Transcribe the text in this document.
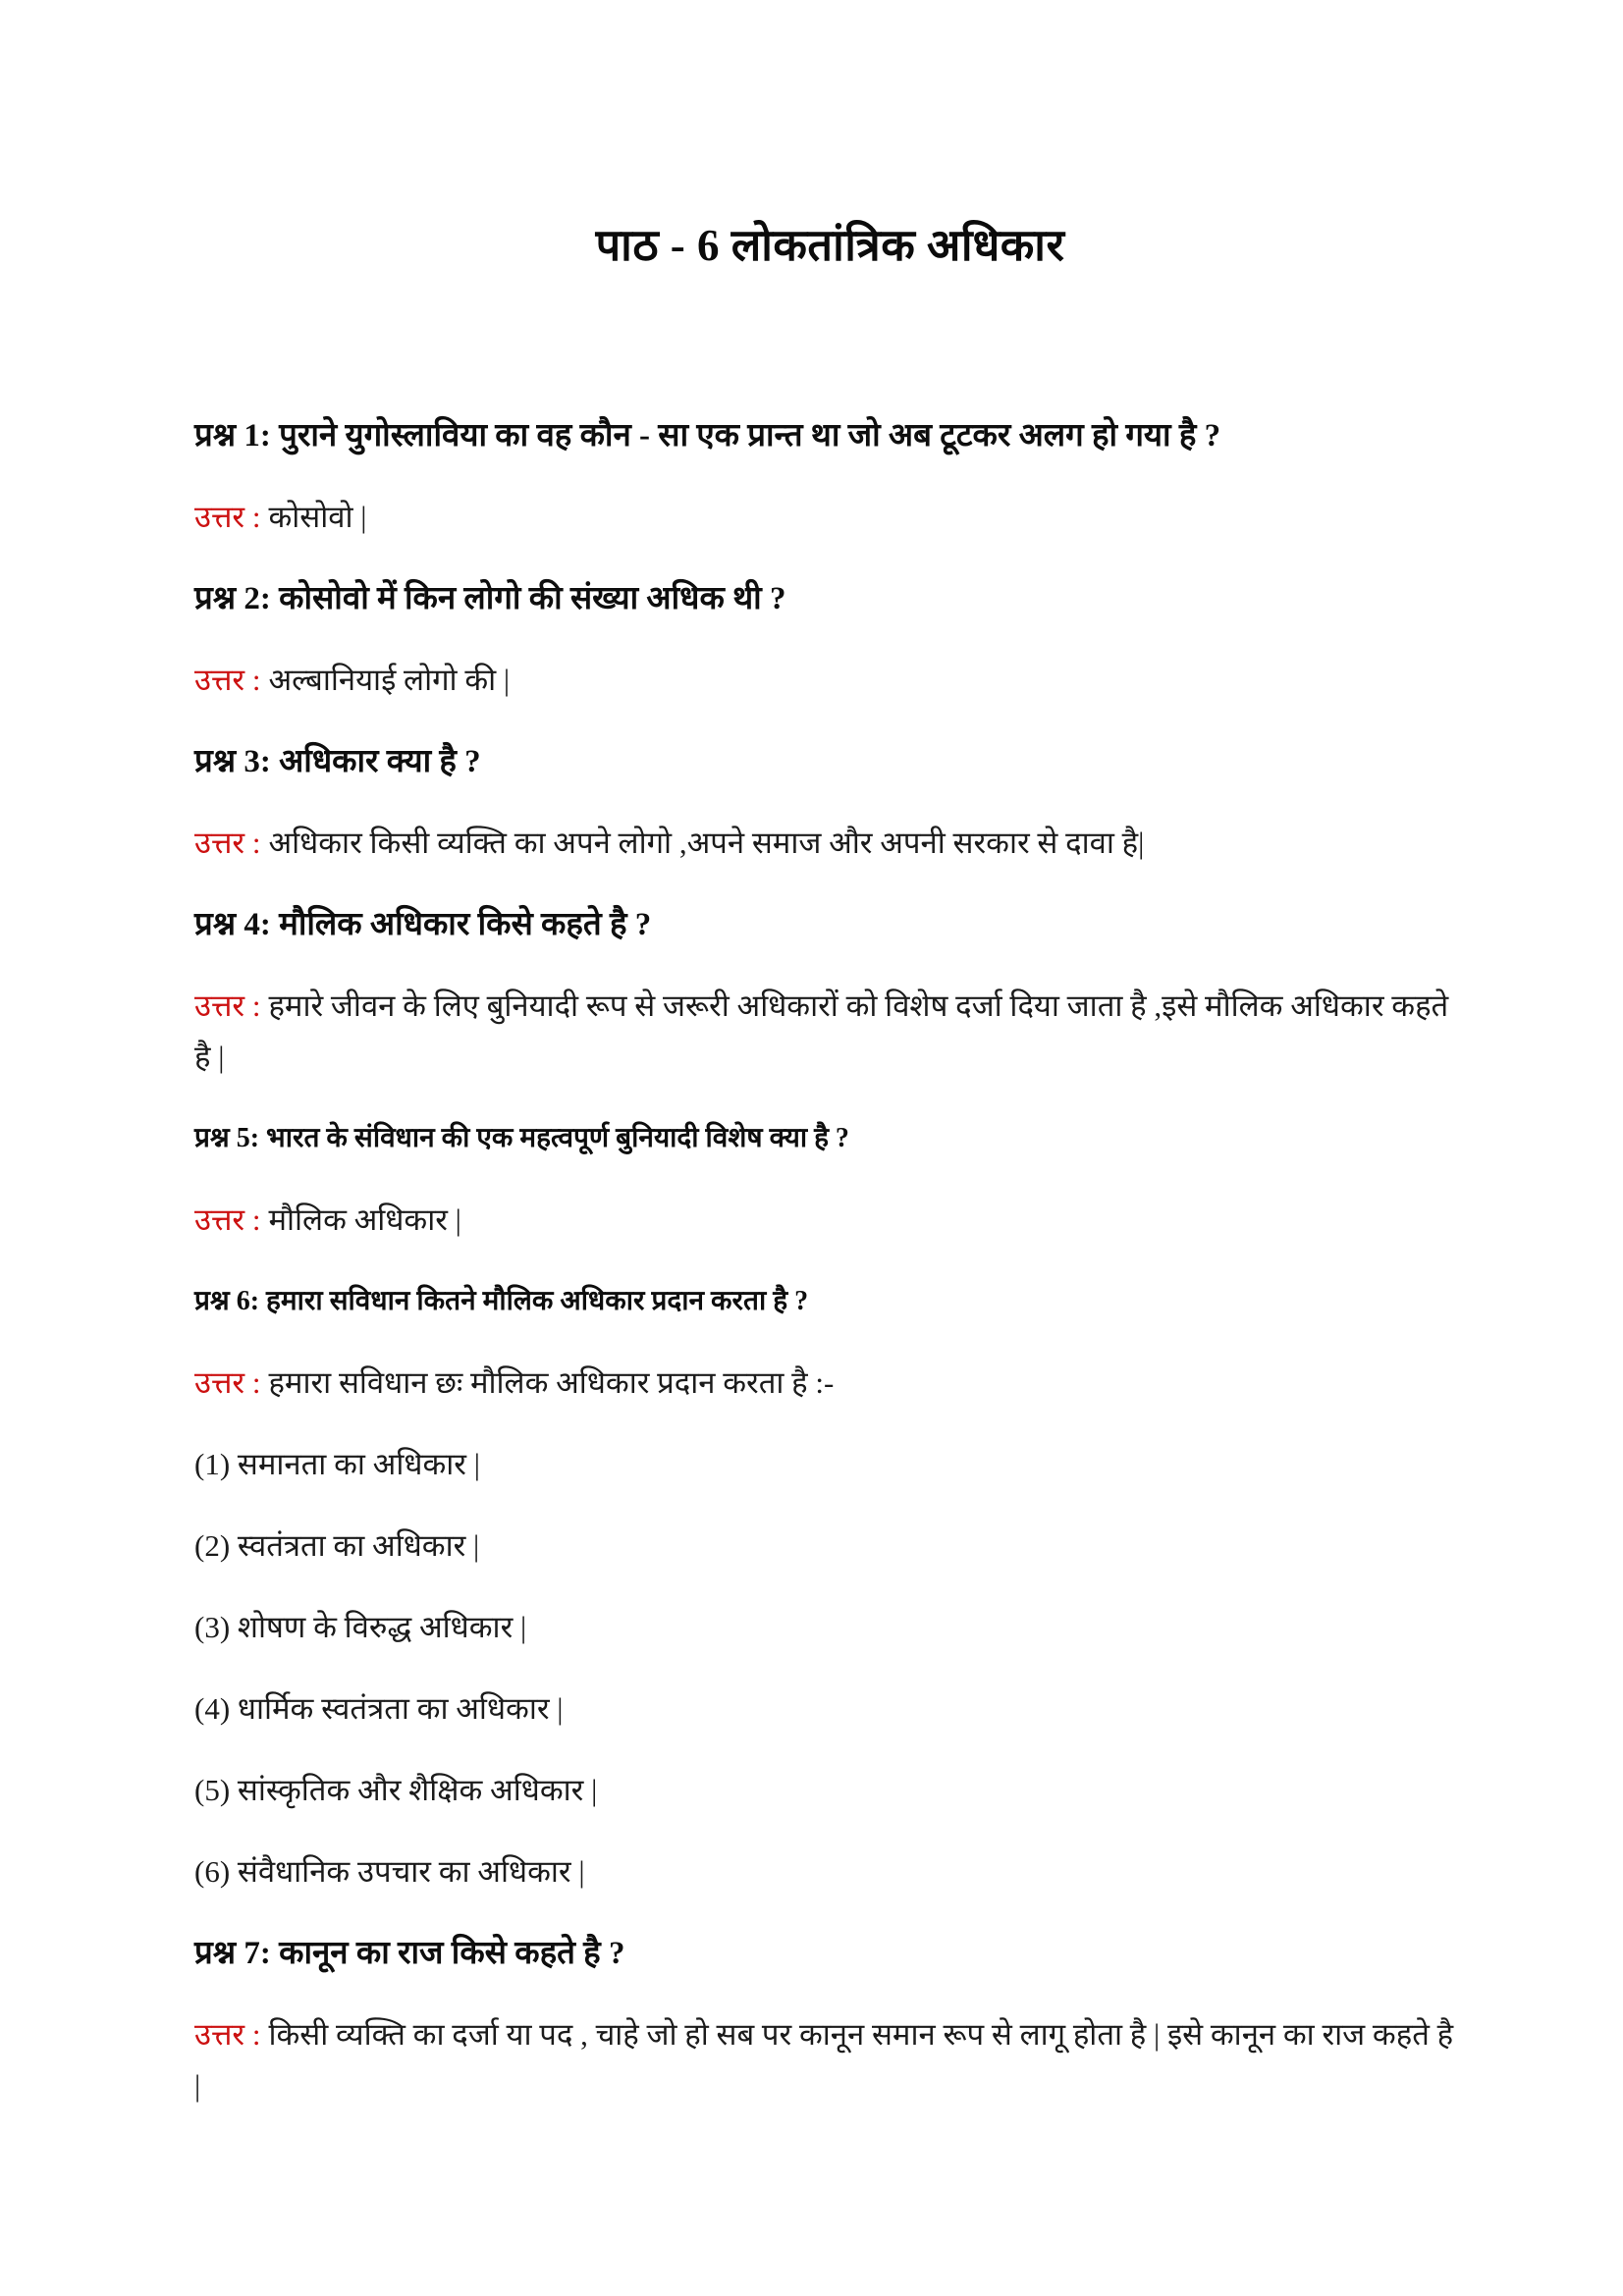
पाठ - 6 लोकतांत्रिक अधिकार

प्रश्न 1: पुराने युगोस्लाविया का वह कौन - सा एक प्रान्त था जो अब टूटकर अलग हो गया है ?

उत्तर : कोसोवो |

प्रश्न 2: कोसोवो में किन लोगो की संख्या अधिक थी ?

उत्तर : अल्बानियाई लोगो की |

प्रश्न 3: अधिकार क्या है ?

उत्तर : अधिकार किसी व्यक्ति का अपने लोगो ,अपने समाज और अपनी सरकार से दावा है|

प्रश्न 4: मौलिक अधिकार किसे कहते है ?

उत्तर : हमारे जीवन के लिए बुनियादी रूप से जरूरी अधिकारों को विशेष दर्जा दिया जाता है ,इसे मौलिक अधिकार कहते है |

प्रश्न 5: भारत के संविधान की एक महत्वपूर्ण बुनियादी विशेष क्या है ?

उत्तर : मौलिक अधिकार |

प्रश्न 6: हमारा सविधान कितने मौलिक अधिकार प्रदान करता है ?

उत्तर : हमारा सविधान छः मौलिक अधिकार प्रदान करता है :-

(1) समानता का अधिकार |

(2) स्वतंत्रता का अधिकार |

(3) शोषण के विरुद्ध अधिकार |

(4) धार्मिक स्वतंत्रता का अधिकार |

(5) सांस्कृतिक और शैक्षिक अधिकार |

(6) संवैधानिक उपचार का अधिकार |

प्रश्न 7: कानून का राज किसे कहते है ?

उत्तर : किसी व्यक्ति का दर्जा या पद , चाहे जो हो सब पर कानून समान रूप से लागू होता है | इसे कानून का राज कहते है |
